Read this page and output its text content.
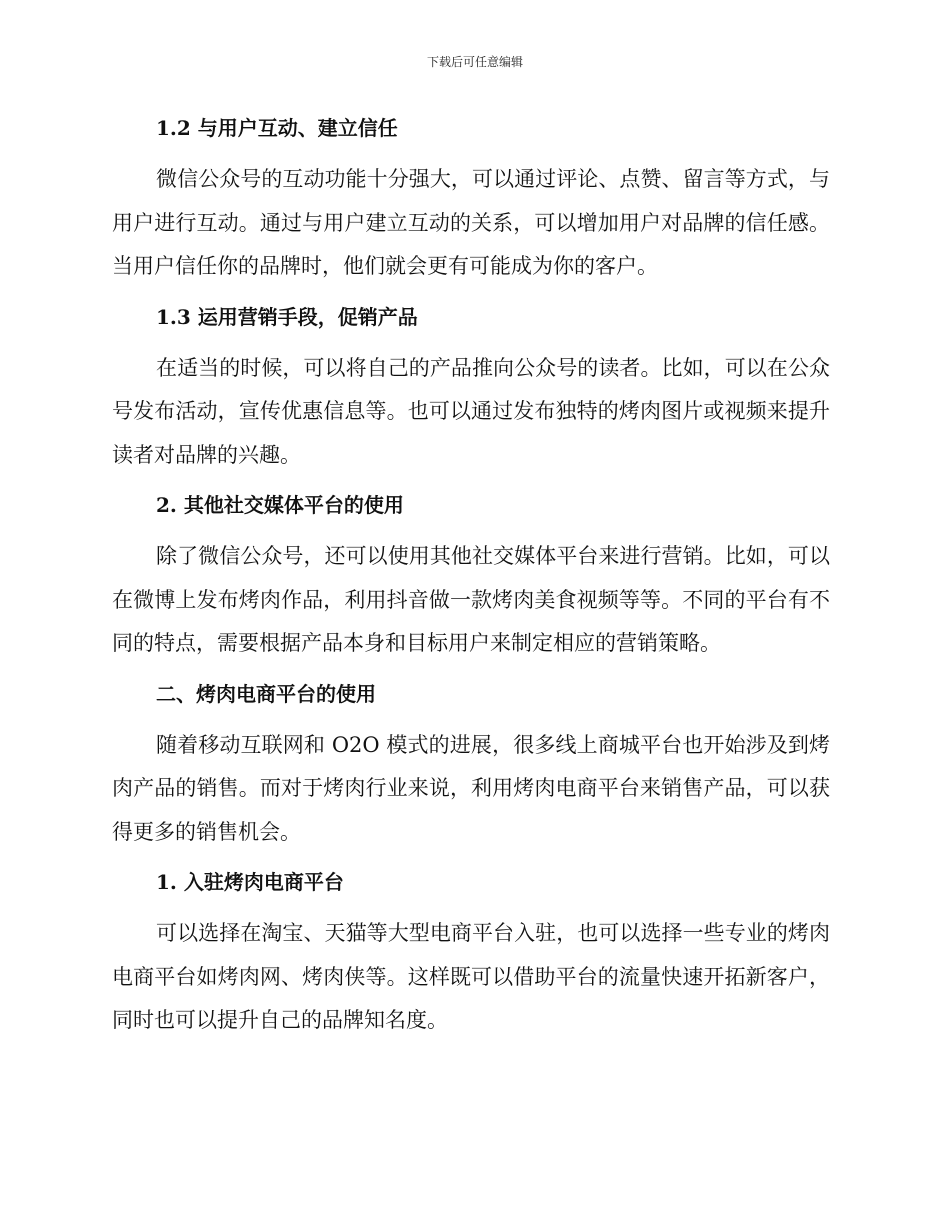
下载后可任意编辑
1.2 与用户互动、建立信任

微信公众号的互动功能十分强大，可以通过评论、点赞、留言等方式，与用户进行互动。通过与用户建立互动的关系，可以增加用户对品牌的信任感。当用户信任你的品牌时，他们就会更有可能成为你的客户。

1.3 运用营销手段，促销产品

在适当的时候，可以将自己的产品推向公众号的读者。比如，可以在公众号发布活动，宣传优惠信息等。也可以通过发布独特的烤肉图片或视频来提升读者对品牌的兴趣。

2. 其他社交媒体平台的使用

除了微信公众号，还可以使用其他社交媒体平台来进行营销。比如，可以在微博上发布烤肉作品，利用抖音做一款烤肉美食视频等等。不同的平台有不同的特点，需要根据产品本身和目标用户来制定相应的营销策略。

二、烤肉电商平台的使用

随着移动互联网和 O2O 模式的进展，很多线上商城平台也开始涉及到烤肉产品的销售。而对于烤肉行业来说，利用烤肉电商平台来销售产品，可以获得更多的销售机会。

1. 入驻烤肉电商平台

可以选择在淘宝、天猫等大型电商平台入驻，也可以选择一些专业的烤肉电商平台如烤肉网、烤肉侠等。这样既可以借助平台的流量快速开拓新客户，同时也可以提升自己的品牌知名度。
